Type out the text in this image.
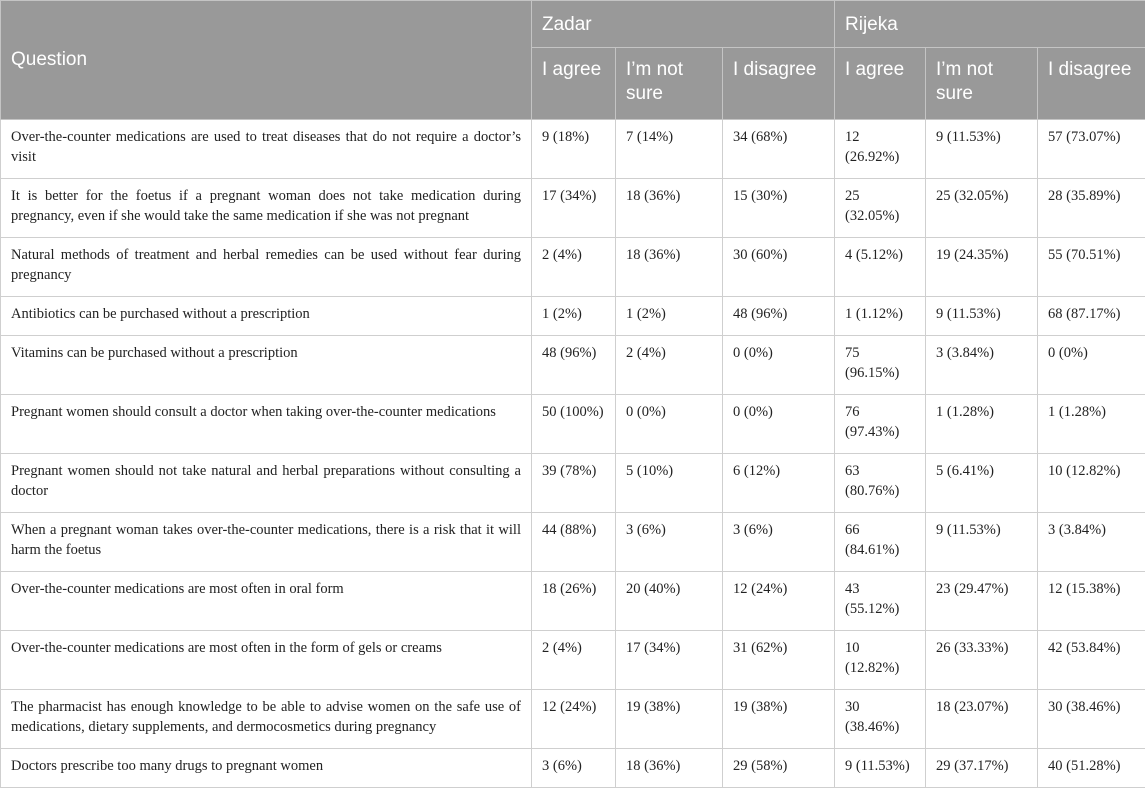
Question	Zadar			Rijeka		
	I agree	I’m not sure	I disagree	I agree	I’m not sure	I disagree
Over-the-counter medications are used to treat diseases that do not require a doctor’s visit	9 (18%)	7 (14%)	34 (68%)	12 (26.92%)	9 (11.53%)	57 (73.07%)
It is better for the foetus if a pregnant woman does not take medication during pregnancy, even if she would take the same medication if she was not pregnant	17 (34%)	18 (36%)	15 (30%)	25 (32.05%)	25 (32.05%)	28 (35.89%)
Natural methods of treatment and herbal remedies can be used without fear during pregnancy	2 (4%)	18 (36%)	30 (60%)	4 (5.12%)	19 (24.35%)	55 (70.51%)
Antibiotics can be purchased without a prescription	1 (2%)	1 (2%)	48 (96%)	1 (1.12%)	9 (11.53%)	68 (87.17%)
Vitamins can be purchased without a prescription	48 (96%)	2 (4%)	0 (0%)	75 (96.15%)	3 (3.84%)	0 (0%)
Pregnant women should consult a doctor when taking over-the-counter medications	50 (100%)	0 (0%)	0 (0%)	76 (97.43%)	1 (1.28%)	1 (1.28%)
Pregnant women should not take natural and herbal preparations without consulting a doctor	39 (78%)	5 (10%)	6 (12%)	63 (80.76%)	5 (6.41%)	10 (12.82%)
When a pregnant woman takes over-the-counter medications, there is a risk that it will harm the foetus	44 (88%)	3 (6%)	3 (6%)	66 (84.61%)	9 (11.53%)	3 (3.84%)
Over-the-counter medications are most often in oral form	18 (26%)	20 (40%)	12 (24%)	43 (55.12%)	23 (29.47%)	12 (15.38%)
Over-the-counter medications are most often in the form of gels or creams	2 (4%)	17 (34%)	31 (62%)	10 (12.82%)	26 (33.33%)	42 (53.84%)
The pharmacist has enough knowledge to be able to advise women on the safe use of medications, dietary supplements, and dermocosmetics during pregnancy	12 (24%)	19 (38%)	19 (38%)	30 (38.46%)	18 (23.07%)	30 (38.46%)
Doctors prescribe too many drugs to pregnant women	3 (6%)	18 (36%)	29 (58%)	9 (11.53%)	29 (37.17%)	40 (51.28%)
